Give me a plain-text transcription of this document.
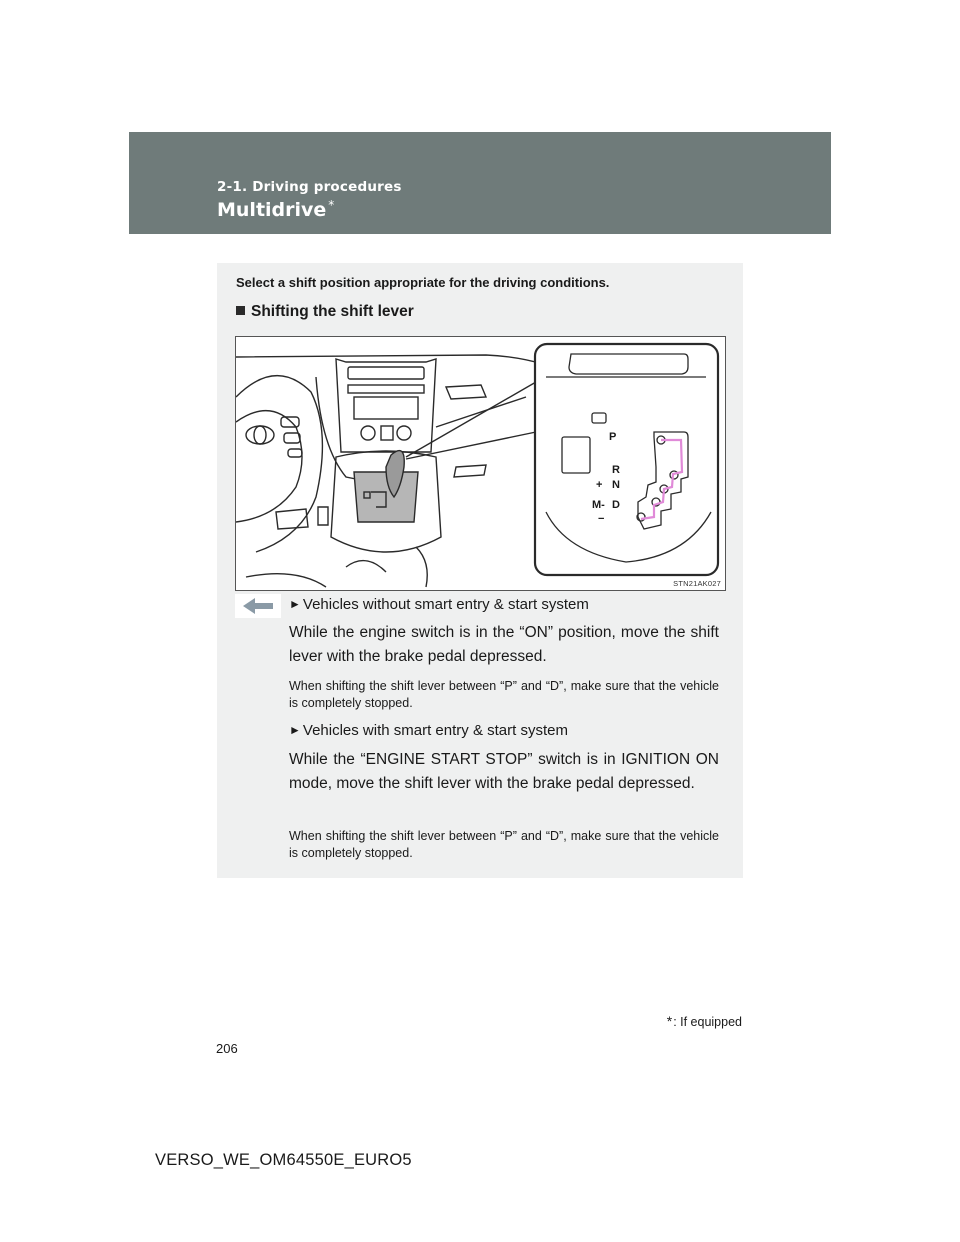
2-1. Driving procedures
Multidrive *
Select a shift position appropriate for the driving conditions.
Shifting the shift lever
P
R
N
D
+
M-
−
STN21AK027
► Vehicles without smart entry & start system
While the engine switch is in the “ON” position, move the shift lever with the brake pedal depressed.
When shifting the shift lever between “P” and “D”, make sure that the vehicle is completely stopped.
► Vehicles with smart entry & start system
While the “ENGINE START STOP” switch is in IGNITION ON mode, move the shift lever with the brake pedal depressed.
When shifting the shift lever between “P” and “D”, make sure that the vehicle is completely stopped.
*: If equipped
206
VERSO_WE_OM64550E_EURO5
